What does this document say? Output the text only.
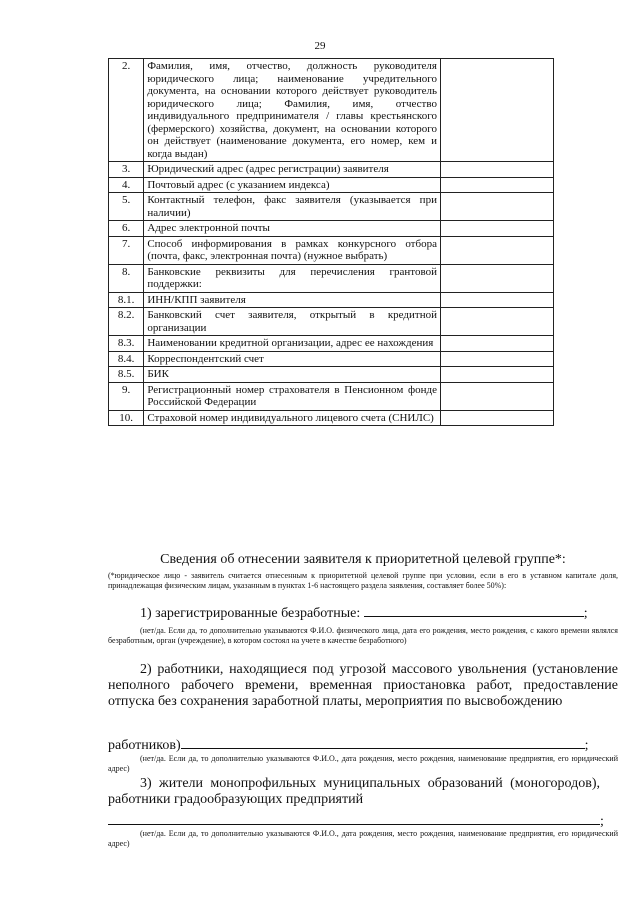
29
2.	Фамилия, имя, отчество, должность руководителя юридического лица; наименование учредительного документа, на основании которого действует руководитель юридического лица; Фамилия, имя, отчество индивидуального предпринимателя / главы крестьянского (фермерского) хозяйства, документ, на основании которого он действует (наименование документа, его номер, кем и когда выдан)	
3.	Юридический адрес (адрес регистрации) заявителя	
4.	Почтовый адрес (с указанием индекса)	
5.	Контактный телефон, факс заявителя (указывается при наличии)	
6.	Адрес электронной почты	
7.	Способ информирования в рамках конкурсного отбора (почта, факс, электронная почта) (нужное выбрать)	
8.	Банковские реквизиты для перечисления грантовой поддержки:	
8.1.	ИНН/КПП заявителя	
8.2.	Банковский счет заявителя, открытый в кредитной организации	
8.3.	Наименовании кредитной организации, адрес ее нахождения	
8.4.	Корреспондентский счет	
8.5.	БИК	
9.	Регистрационный номер страхователя в Пенсионном фонде Российской Федерации	
10.	Страховой номер индивидуального лицевого счета (СНИЛС)	
Сведения об отнесении заявителя к приоритетной целевой группе*:
(*юридическое лицо - заявитель считается отнесенным к приоритетной целевой группе при условии, если в его в уставном капитале доля, принадлежащая физическим лицам, указанным в пунктах 1-6 настоящего раздела заявления, составляет более 50%):
1) зарегистрированные безработные:	;
(нет/да. Если да, то дополнительно указываются Ф.И.О. физического лица, дата его рождения, место рождения, с какого времени являлся безработным, орган (учреждение), в котором состоял на учете в качестве безработного)
2) работники, находящиеся под угрозой массового увольнения (установление неполного рабочего времени, временная приостановка работ, предоставление отпуска без сохранения заработной платы, мероприятия по высвобождению
работников)	;
(нет/да. Если да, то дополнительно указываются Ф.И.О., дата рождения, место рождения, наименование предприятия, его юридический адрес)
3) жители монопрофильных муниципальных образований (моногородов), работники градообразующих предприятий
;
(нет/да. Если да, то дополнительно указываются Ф.И.О., дата рождения, место рождения, наименование предприятия, его юридический адрес)
